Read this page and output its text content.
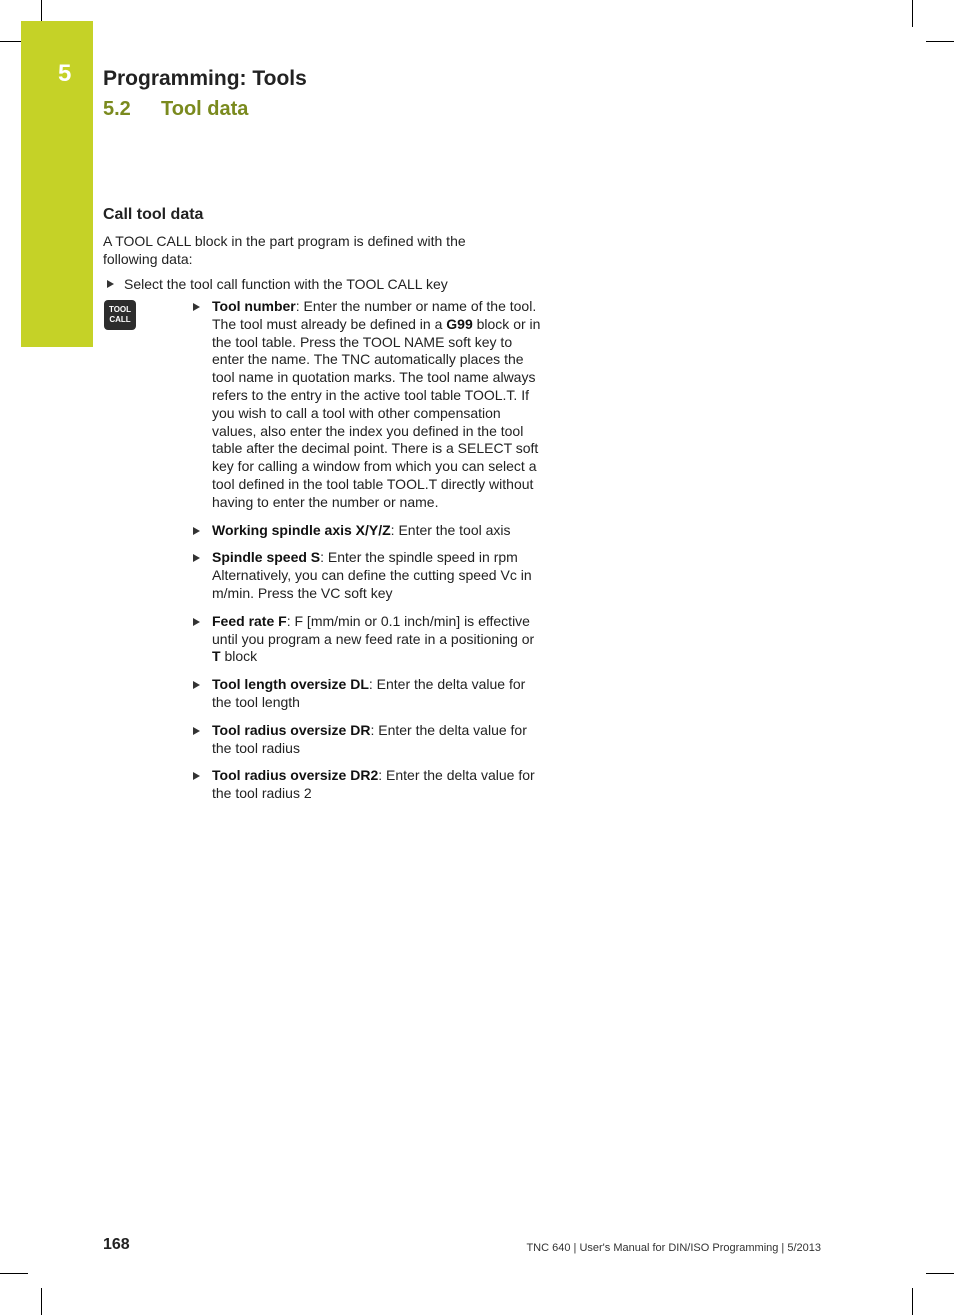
5 Programming: Tools
5.2 Tool data
Call tool data
A TOOL CALL block in the part program is defined with the following data:
Select the tool call function with the TOOL CALL key
TOOL
CALL
Tool number: Enter the number or name of the tool. The tool must already be defined in a G99 block or in the tool table. Press the TOOL NAME soft key to enter the name. The TNC automatically places the tool name in quotation marks. The tool name always refers to the entry in the active tool table TOOL.T. If you wish to call a tool with other compensation values, also enter the index you defined in the tool table after the decimal point. There is a SELECT soft key for calling a window from which you can select a tool defined in the tool table TOOL.T directly without having to enter the number or name.
Working spindle axis X/Y/Z: Enter the tool axis
Spindle speed S: Enter the spindle speed in rpm Alternatively, you can define the cutting speed Vc in m/min. Press the VC soft key
Feed rate F: F [mm/min or 0.1 inch/min] is effective until you program a new feed rate in a positioning or T block
Tool length oversize DL: Enter the delta value for the tool length
Tool radius oversize DR: Enter the delta value for the tool radius
Tool radius oversize DR2: Enter the delta value for the tool radius 2
168	TNC 640 | User's Manual for DIN/ISO Programming | 5/2013
